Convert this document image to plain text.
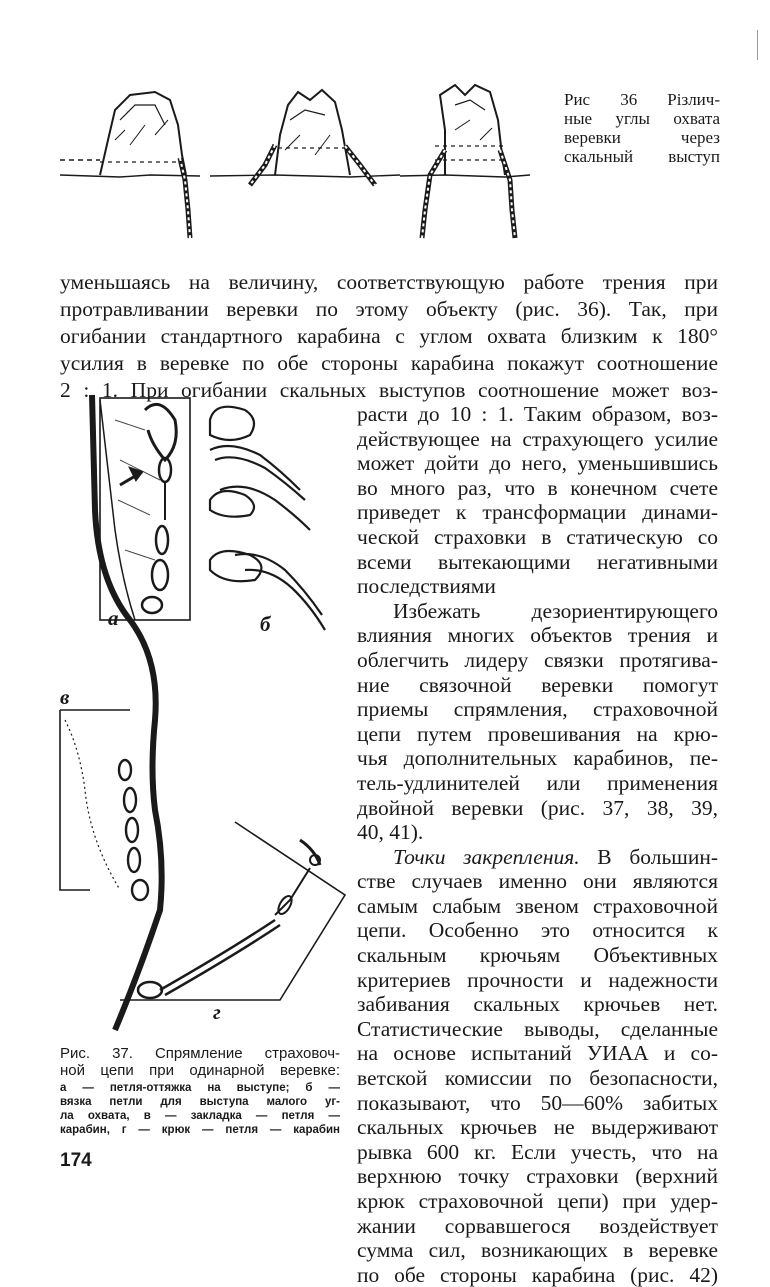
Рис 36 Різлич-
ные углы охвата
веревки через
скальный выступ
уменьшаясь на величину, соответствующую работе трения при
протравливании веревки по этому объекту (рис. 36). Так, при
огибании стандартного карабина с углом охвата близким к 180°
усилия в веревке по обе стороны карабина покажут соотношение
2 : 1. При огибании скальных выступов соотношение может воз-
расти до 10 : 1. Таким образом, воз-
действующее на страхующего усилие
может дойти до него, уменьшившись
во много раз, что в конечном счете
приведет к трансформации динами-
ческой страховки в статическую со
всеми вытекающими негативными
последствиями
Избежать дезориентирующего
влияния многих объектов трения и
облегчить лидеру связки протягива-
ние связочной веревки помогут
приемы спрямления, страховочной
цепи путем провешивания на крю-
чья дополнительных карабинов, пе-
тель-удлинителей или применения
двойной веревки (рис. 37, 38, 39,
40, 41).
Точки закрепления. В большин-
стве случаев именно они являются
самым слабым звеном страховочной
цепи. Особенно это относится к
скальным крючьям Объективных
критериев прочности и надежности
забивания скальных крючьев нет.
Статистические выводы, сделанные
на основе испытаний УИАА и со-
ветской комиссии по безопасности,
показывают, что 50—60% забитых
скальных крючьев не выдерживают
рывка 600 кг. Если учесть, что на
верхнюю точку страховки (верхний
крюк страховочной цепи) при удер-
жании сорвавшегося воздействует
сумма сил, возникающих в веревке
по обе стороны карабина (рис. 42)
а	б
в
г
Рис. 37. Спрямление страховоч-
ной цепи при одинарной веревке:
а — петля-оттяжка на выступе; б —
вязка петли для выступа малого уг-
ла охвата, в — закладка — петля —
карабин, г — крюк — петля — карабин
174
